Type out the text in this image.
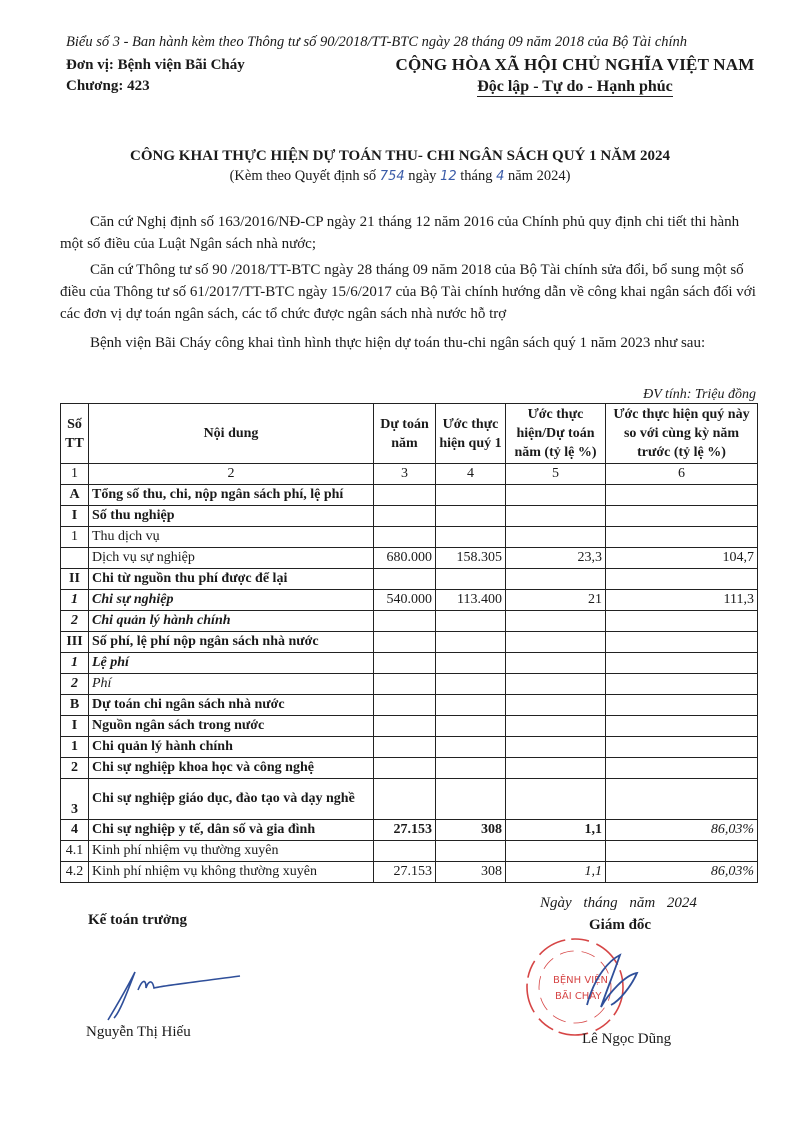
Biểu số 3 - Ban hành kèm theo Thông tư số 90/2018/TT-BTC ngày 28 tháng 09 năm 2018 của Bộ Tài chính
Đơn vị: Bệnh viện Bãi Cháy
Chương: 423
CỘNG HÒA XÃ HỘI CHỦ NGHĨA VIỆT NAM
Độc lập - Tự do - Hạnh phúc
CÔNG KHAI THỰC HIỆN DỰ TOÁN THU- CHI NGÂN SÁCH QUÝ 1 NĂM 2024
(Kèm theo Quyết định số 754 ngày 12 tháng 4 năm 2024)
Căn cứ Nghị định số 163/2016/NĐ-CP ngày 21 tháng 12 năm 2016 của Chính phủ quy định chi tiết thi hành một số điều của Luật Ngân sách nhà nước;
Căn cứ Thông tư số 90 /2018/TT-BTC ngày 28 tháng 09 năm 2018 của Bộ Tài chính sửa đổi, bổ sung một số điều của Thông tư số 61/2017/TT-BTC ngày 15/6/2017 của Bộ Tài chính hướng dẫn về công khai ngân sách đối với các đơn vị dự toán ngân sách, các tổ chức được ngân sách nhà nước hỗ trợ
Bệnh viện Bãi Cháy công khai tình hình thực hiện dự toán thu-chi ngân sách quý 1 năm 2023 như sau:
ĐV tính: Triệu đồng
Số TT	Nội dung	Dự toán năm	Ước thực hiện quý 1	Ước thực hiện/Dự toán năm (tỷ lệ %)	Ước thực hiện quý này so với cùng kỳ năm trước (tỷ lệ %)
1	2	3	4	5	6
A	Tổng số thu, chi, nộp ngân sách phí, lệ phí				
I	Số thu nghiệp				
1	Thu dịch vụ				
	Dịch vụ sự nghiệp	680.000	158.305	23,3	104,7
II	Chi từ nguồn thu phí được để lại				
1	Chi sự nghiệp	540.000	113.400	21	111,3
2	Chi quản lý hành chính				
III	Số phí, lệ phí nộp ngân sách nhà nước				
1	Lệ phí				
2	Phí				
B	Dự toán chi ngân sách nhà nước				
I	Nguồn ngân sách trong nước				
1	Chi quản lý hành chính				
2	Chi sự nghiệp khoa học và công nghệ				
3	Chi sự nghiệp giáo dục, đào tạo và dạy nghề				
4	Chi sự nghiệp y tế, dân số và gia đình	27.153	308	1,1	86,03%
4.1	Kinh phí nhiệm vụ thường xuyên				
4.2	Kinh phí nhiệm vụ không thường xuyên	27.153	308	1,1	86,03%
Kế toán trưởng
Nguyễn Thị Hiếu
Ngày tháng năm 2024
Giám đốc
BỆNH VIỆN
BÃI CHÁY
Lê Ngọc Dũng
